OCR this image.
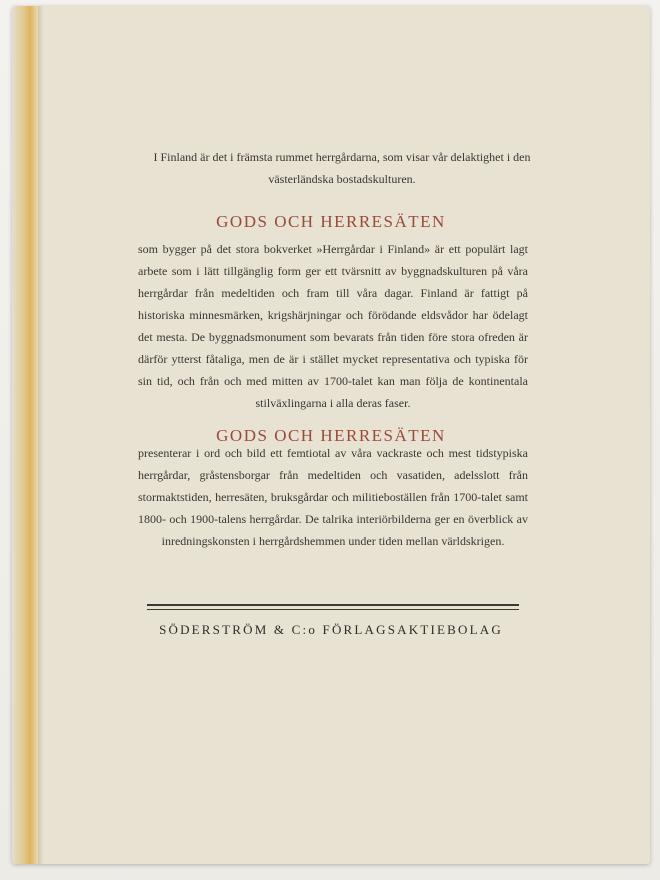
I Finland är det i främsta rummet herrgårdarna, som visar vår delaktighet i den västerländska bostadskulturen.
GODS OCH HERRESÄTEN
som bygger på det stora bokverket »Herrgårdar i Finland» är ett populärt lagt arbete som i lätt tillgänglig form ger ett tvärsnitt av byggnadskulturen på våra herrgårdar från medeltiden och fram till våra dagar. Finland är fattigt på historiska minnesmärken, krigshärjningar och förödande eldsvådor har ödelagt det mesta. De byggnadsmonument som bevarats från tiden före stora ofreden är därför ytterst fåtaliga, men de är i stället mycket representativa och typiska för sin tid, och från och med mitten av 1700-talet kan man följa de kontinentala stilväxlingarna i alla deras faser.
GODS OCH HERRESÄTEN
presenterar i ord och bild ett femtiotal av våra vackraste och mest tidstypiska herrgårdar, gråstensborgar från medeltiden och vasatiden, adelsslott från stormaktstiden, herresäten, bruksgårdar och militieboställen från 1700-talet samt 1800- och 1900-talens herrgårdar. De talrika interiörbilderna ger en överblick av inredningskonsten i herrgårdshemmen under tiden mellan världskrigen.
SÖDERSTRÖM & C:o FÖRLAGSAKTIEBOLAG
